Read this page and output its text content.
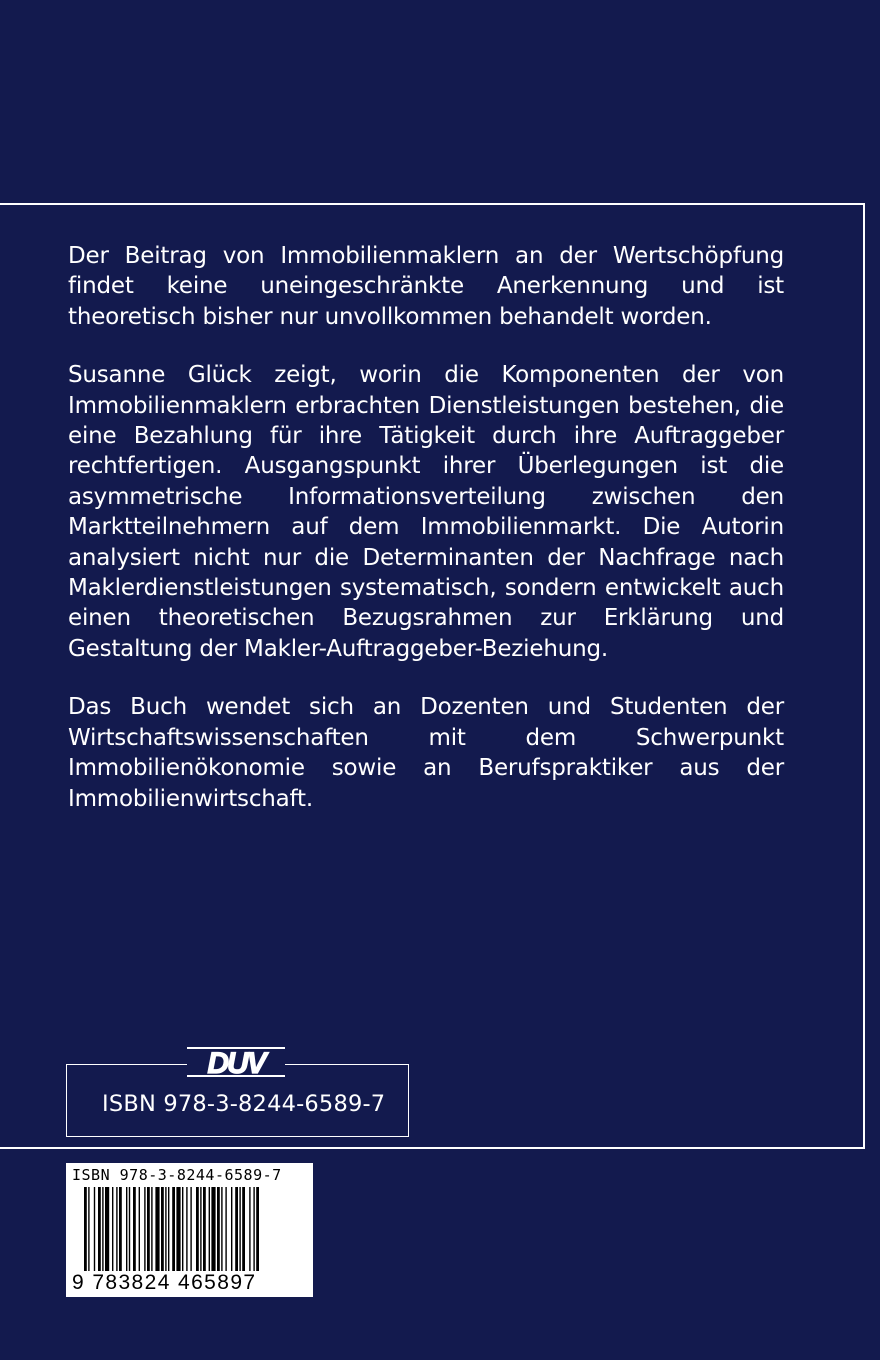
Der Beitrag von Immobilienmaklern an der Wertschöpfung findet keine uneingeschränkte Anerkennung und ist theoretisch bisher nur unvollkommen behandelt worden.

Susanne Glück zeigt, worin die Komponenten der von Immobilienmaklern erbrachten Dienstleistungen bestehen, die eine Bezahlung für ihre Tätigkeit durch ihre Auftraggeber rechtfertigen. Ausgangspunkt ihrer Überlegungen ist die asymmetrische Informationsverteilung zwischen den Marktteilnehmern auf dem Immobilienmarkt. Die Autorin analysiert nicht nur die Determinanten der Nachfrage nach Maklerdienstleistungen systematisch, sondern entwickelt auch einen theoretischen Bezugsrahmen zur Erklärung und Gestaltung der Makler-Auftraggeber-Beziehung.

Das Buch wendet sich an Dozenten und Studenten der Wirtschaftswissenschaften mit dem Schwerpunkt Immobilienökonomie sowie an Berufspraktiker aus der Immobilienwirtschaft.

ISBN 978-3-8244-6589-7
DUV
ISBN 978-3-8244-6589-7
9 783824 465897
